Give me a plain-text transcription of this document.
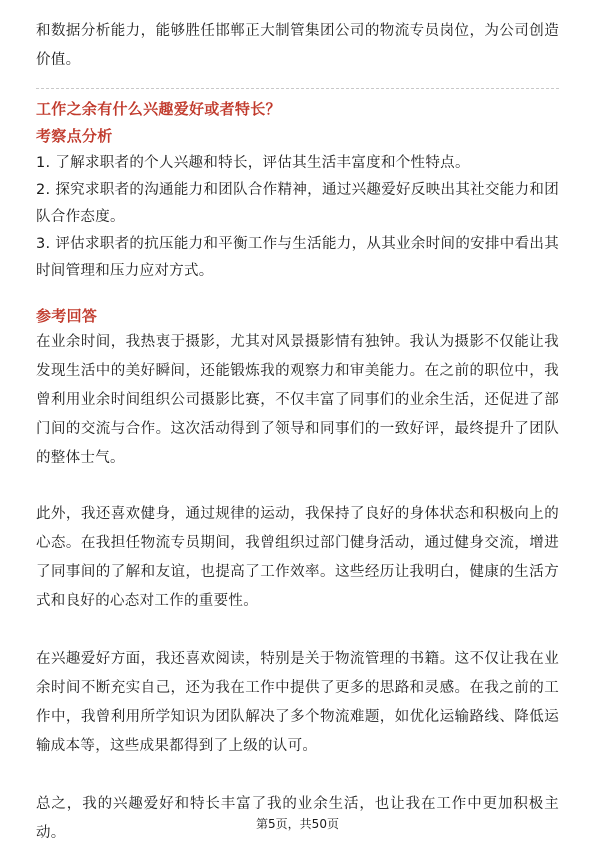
和数据分析能力，能够胜任邯郸正大制管集团公司的物流专员岗位，为公司创造价值。

工作之余有什么兴趣爱好或者特长？
考察点分析

1. 了解求职者的个人兴趣和特长，评估其生活丰富度和个性特点。

2. 探究求职者的沟通能力和团队合作精神，通过兴趣爱好反映出其社交能力和团队合作态度。

3. 评估求职者的抗压能力和平衡工作与生活能力，从其业余时间的安排中看出其时间管理和压力应对方式。

参考回答

在业余时间，我热衷于摄影，尤其对风景摄影情有独钟。我认为摄影不仅能让我发现生活中的美好瞬间，还能锻炼我的观察力和审美能力。在之前的职位中，我曾利用业余时间组织公司摄影比赛，不仅丰富了同事们的业余生活，还促进了部门间的交流与合作。这次活动得到了领导和同事们的一致好评，最终提升了团队的整体士气。

此外，我还喜欢健身，通过规律的运动，我保持了良好的身体状态和积极向上的心态。在我担任物流专员期间，我曾组织过部门健身活动，通过健身交流，增进了同事间的了解和友谊，也提高了工作效率。这些经历让我明白，健康的生活方式和良好的心态对工作的重要性。

在兴趣爱好方面，我还喜欢阅读，特别是关于物流管理的书籍。这不仅让我在业余时间不断充实自己，还为我在工作中提供了更多的思路和灵感。在我之前的工作中，我曾利用所学知识为团队解决了多个物流难题，如优化运输路线、降低运输成本等，这些成果都得到了上级的认可。

总之，我的兴趣爱好和特长丰富了我的业余生活，也让我在工作中更加积极主动。

第5页，共50页
